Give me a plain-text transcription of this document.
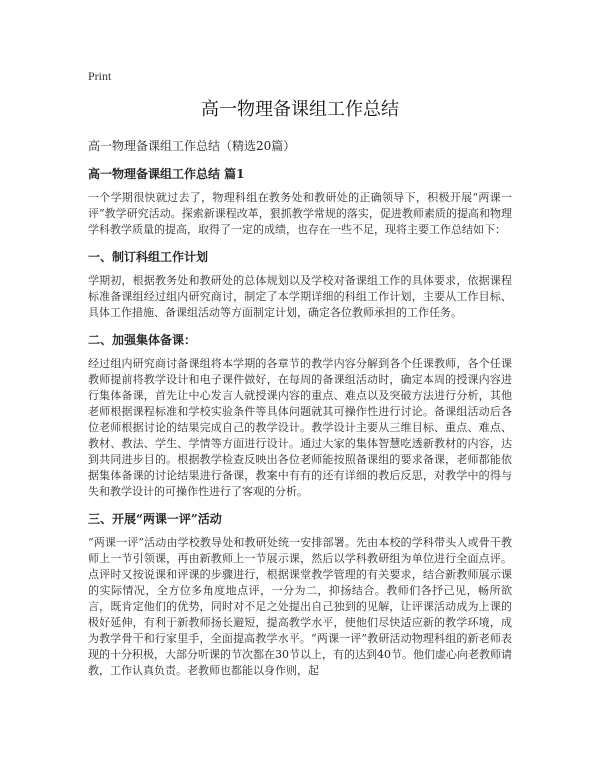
Print
高一物理备课组工作总结
高一物理备课组工作总结（精选20篇）
高一物理备课组工作总结 篇1

一个学期很快就过去了，物理科组在教务处和教研处的正确领导下，积极开展“两课一评”教学研究活动。探索新课程改革，狠抓教学常规的落实，促进教师素质的提高和物理学科教学质量的提高，取得了一定的成绩，也存在一些不足，现将主要工作总结如下：

一、制订科组工作计划

学期初，根据教务处和教研处的总体规划以及学校对备课组工作的具体要求，依据课程标准备课组经过组内研究商讨，制定了本学期详细的科组工作计划，主要从工作目标、具体工作措施、备课组活动等方面制定计划，确定各位教师承担的工作任务。

二、加强集体备课：

经过组内研究商讨备课组将本学期的各章节的教学内容分解到各个任课教师，各个任课教师提前将教学设计和电子课件做好，在每周的备课组活动时，确定本周的授课内容进行集体备课，首先让中心发言人就授课内容的重点、难点以及突破方法进行分析，其他老师根据课程标准和学校实验条件等具体问题就其可操作性进行讨论。备课组活动后各位老师根据讨论的结果完成自己的教学设计。教学设计主要从三维目标、重点、难点、教材、教法、学生、学情等方面进行设计。通过大家的集体智慧吃透新教材的内容，达到共同进步目的。根据教学检查反映出各位老师能按照备课组的要求备课，老师都能依据集体备课的讨论结果进行备课，教案中有有的还有详细的教后反思，对教学中的得与失和教学设计的可操作性进行了客观的分析。

三、开展“两课一评”活动

“两课一评”活动由学校教导处和教研处统一安排部署。先由本校的学科带头人或骨干教师上一节引领课，再由新教师上一节展示课，然后以学科教研组为单位进行全面点评。点评时又按说课和评课的步骤进行，根据课堂教学管理的有关要求，结合新教师展示课的实际情况，全方位多角度地点评，一分为二，抑扬结合。教师们各抒己见，畅所欲言，既肯定他们的优势，同时对不足之处提出自己独到的见解，让评课活动成为上课的极好延伸，有利于新教师扬长避短，提高教学水平，使他们尽快适应新的教学环境，成为教学骨干和行家里手，全面提高教学水平。“两课一评”教研活动物理科组的新老师表现的十分积极，大部分听课的节次都在30节以上，有的达到40节。他们虚心向老教师请教，工作认真负责。老教师也都能以身作则，起
